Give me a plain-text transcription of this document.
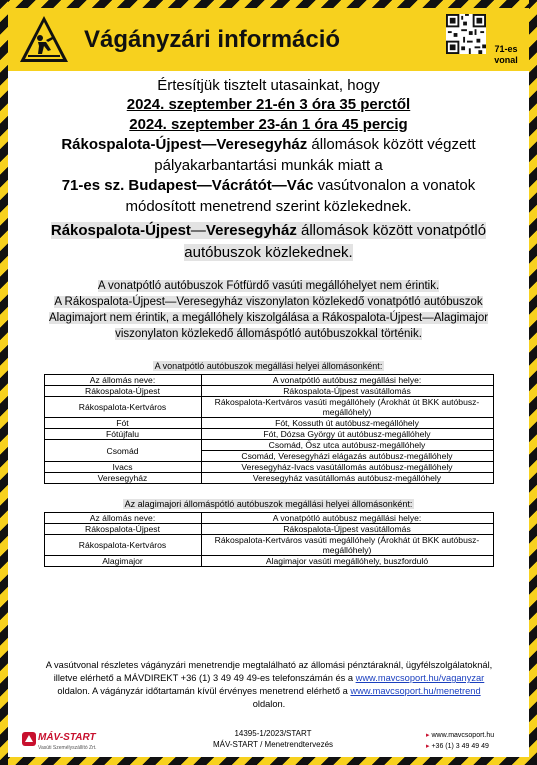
Vágányzári információ	71-es vonal
Értesítjük tisztelt utasainkat, hogy
2024. szeptember 21-én 3 óra 35 perctől
2024. szeptember 23-án 1 óra 45 percig
Rákospalota-Újpest—Veresegyház állomások között végzett pályakarbantartási munkák miatt a
71-es sz. Budapest—Vácrátót—Vác vasútvonalon a vonatok módosított menetrend szerint közlekednek.
Rákospalota-Újpest—Veresegyház állomások között vonatpótló autóbuszok közlekednek.
A vonatpótló autóbuszok Fótfürdő vasúti megállóhelyet nem érintik.
A Rákospalota-Újpest—Veresegyház viszonylaton közlekedő vonatpótló autóbuszok Alagimajort nem érintik, a megállóhely kiszolgálása a Rákospalota-Újpest—Alagimajor viszonylaton közlekedő állomáspótló autóbuszokkal történik.
A vonatpótló autóbuszok megállási helyei állomásonként:
Az állomás neve:	A vonatpótló autóbusz megállási helye:
Rákospalota-Újpest	Rákospalota-Újpest vasútállomás
Rákospalota-Kertváros	Rákospalota-Kertváros vasúti megállóhely (Árokhát út BKK autóbusz-megállóhely)
Fót	Fót, Kossuth út autóbusz-megállóhely
Fótújfalu	Fót, Dózsa György út autóbusz-megállóhely
Csomád	Csomád, Ősz utca autóbusz-megállóhely
	Csomád, Veresegyházi elágazás autóbusz-megállóhely
Ivacs	Veresegyház-Ivacs vasútállomás autóbusz-megállóhely
Veresegyház	Veresegyház vasútállomás autóbusz-megállóhely
Az alagimajori állomáspótló autóbuszok megállási helyei állomásonként:
Az állomás neve:	A vonatpótló autóbusz megállási helye:
Rákospalota-Újpest	Rákospalota-Újpest vasútállomás
Rákospalota-Kertváros	Rákospalota-Kertváros vasúti megállóhely (Árokhát út BKK autóbusz-megállóhely)
Alagimajor	Alagimajor vasúti megállóhely, buszforduló
A vasútvonal részletes vágányzári menetrendje megtalálható az állomási pénztáraknál, ügyfélszolgálatoknál, illetve elérhető a MÁVDIREKT +36 (1) 3 49 49 49-es telefonszámán és a www.mavcsoport.hu/vaganyzar oldalon. A vágányzár időtartamán kívül érvényes menetrend elérhető a www.mavcsoport.hu/menetrend oldalon.
MÁV-START
Vasúti Személyszállító Zrt.
14395-1/2023/START
MÁV-START / Menetrendtervezés
▸ www.mavcsoport.hu
▸ +36 (1) 3 49 49 49
